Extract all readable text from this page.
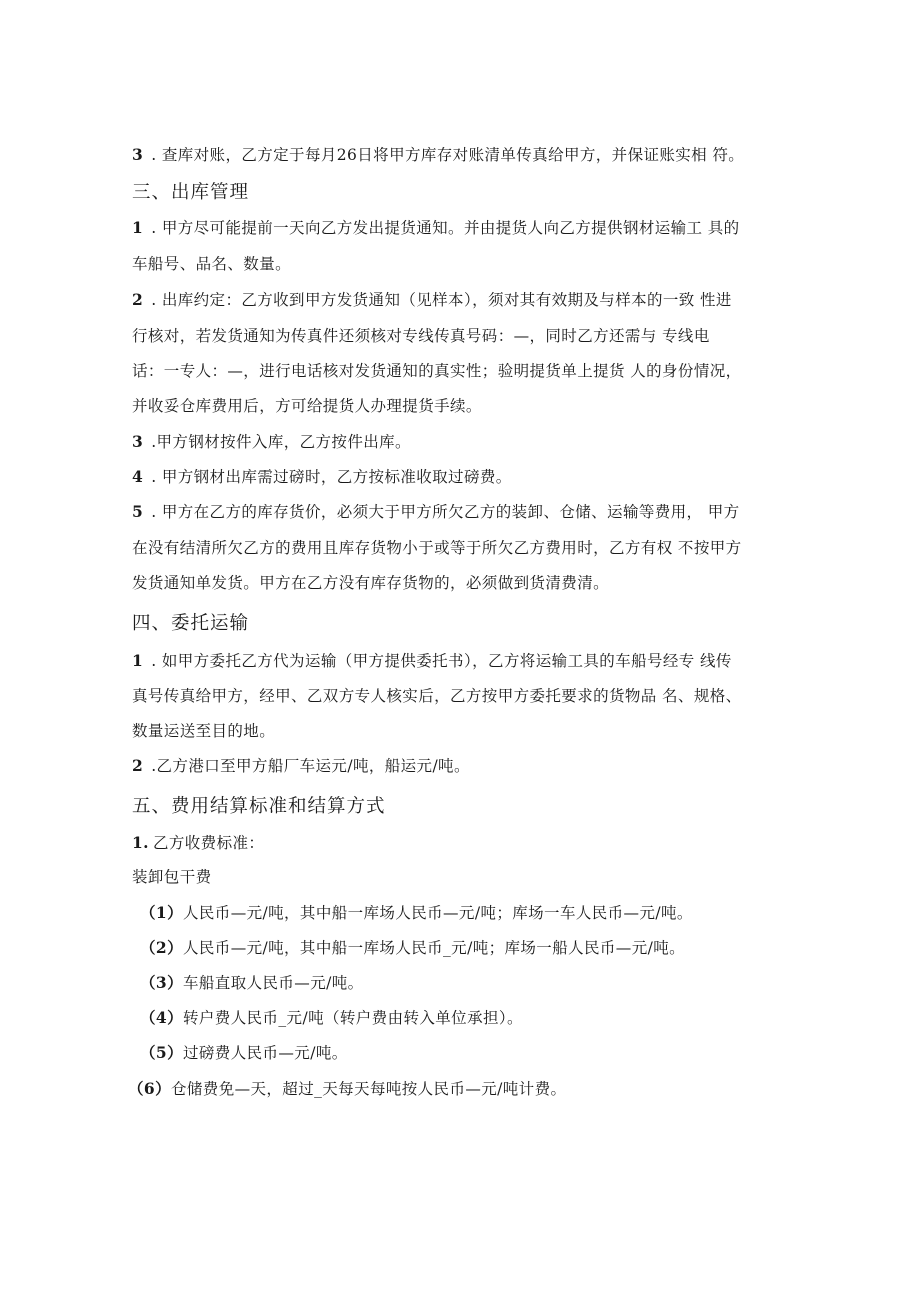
3 . 查库对账，乙方定于每月26日将甲方库存对账清单传真给甲方，并保证账实相 符。
三、出库管理
1 . 甲方尽可能提前一天向乙方发出提货通知。并由提货人向乙方提供钢材运输工 具的
车船号、品名、数量。
2 . 出库约定：乙方收到甲方发货通知（见样本），须对其有效期及与样本的一致 性进
行核对，若发货通知为传真件还须核对专线传真号码：—，同时乙方还需与 专线电
话：一专人：—，进行电话核对发货通知的真实性；验明提货单上提货 人的身份情况，
并收妥仓库费用后，方可给提货人办理提货手续。
3 .甲方钢材按件入库，乙方按件出库。
4 . 甲方钢材出库需过磅时，乙方按标准收取过磅费。
5 . 甲方在乙方的库存货价，必须大于甲方所欠乙方的装卸、仓储、运输等费用， 甲方
在没有结清所欠乙方的费用且库存货物小于或等于所欠乙方费用时，乙方有权 不按甲方
发货通知单发货。甲方在乙方没有库存货物的，必须做到货清费清。
四、委托运输
1 . 如甲方委托乙方代为运输（甲方提供委托书），乙方将运输工具的车船号经专 线传
真号传真给甲方，经甲、乙双方专人核实后，乙方按甲方委托要求的货物品 名、规格、
数量运送至目的地。
2 .乙方港口至甲方船厂车运元/吨，船运元/吨。
五、费用结算标准和结算方式
1. 乙方收费标准：
装卸包干费
（1）人民币—元/吨，其中船一库场人民币—元/吨；库场一车人民币—元/吨。
（2）人民币—元/吨，其中船一库场人民币_元/吨；库场一船人民币—元/吨。
（3）车船直取人民币—元/吨。
（4）转户费人民币_元/吨（转户费由转入单位承担）。
（5）过磅费人民币—元/吨。
（6）仓储费免—天，超过_天每天每吨按人民币—元/吨计费。
